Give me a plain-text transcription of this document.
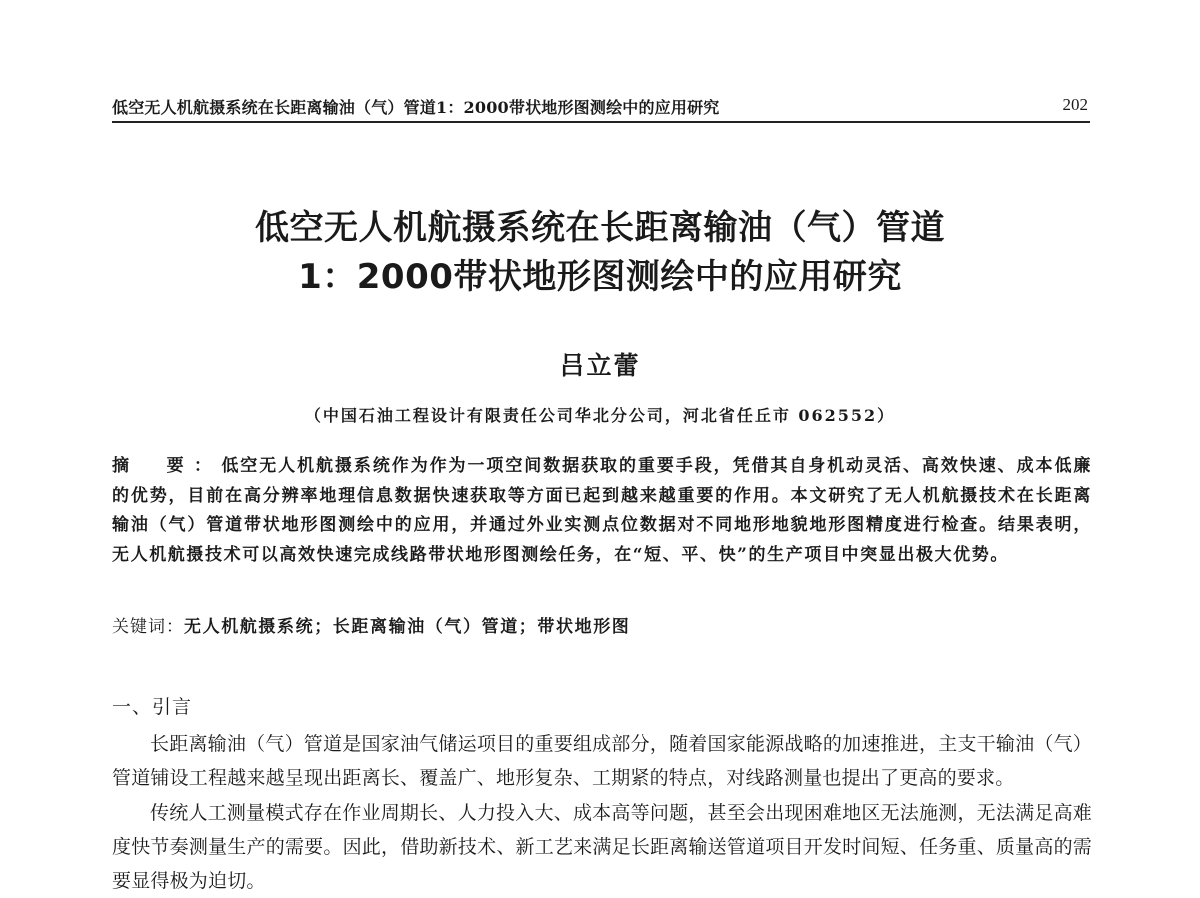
低空无人机航摄系统在长距离输油（气）管道1：2000带状地形图测绘中的应用研究	202
低空无人机航摄系统在长距离输油（气）管道
1：2000带状地形图测绘中的应用研究
吕立蕾
（中国石油工程设计有限责任公司华北分公司，河北省任丘市 062552）
摘　要：低空无人机航摄系统作为作为一项空间数据获取的重要手段，凭借其自身机动灵活、高效快速、成本低廉的优势，目前在高分辨率地理信息数据快速获取等方面已起到越来越重要的作用。本文研究了无人机航摄技术在长距离输油（气）管道带状地形图测绘中的应用，并通过外业实测点位数据对不同地形地貌地形图精度进行检查。结果表明，无人机航摄技术可以高效快速完成线路带状地形图测绘任务，在“短、平、快”的生产项目中突显出极大优势。
关键词：无人机航摄系统；长距离输油（气）管道；带状地形图
一、引言
长距离输油（气）管道是国家油气储运项目的重要组成部分，随着国家能源战略的加速推进，主支干输油（气）管道铺设工程越来越呈现出距离长、覆盖广、地形复杂、工期紧的特点，对线路测量也提出了更高的要求。
传统人工测量模式存在作业周期长、人力投入大、成本高等问题，甚至会出现困难地区无法施测，无法满足高难度快节奏测量生产的需要。因此，借助新技术、新工艺来满足长距离输送管道项目开发时间短、任务重、质量高的需要显得极为迫切。
